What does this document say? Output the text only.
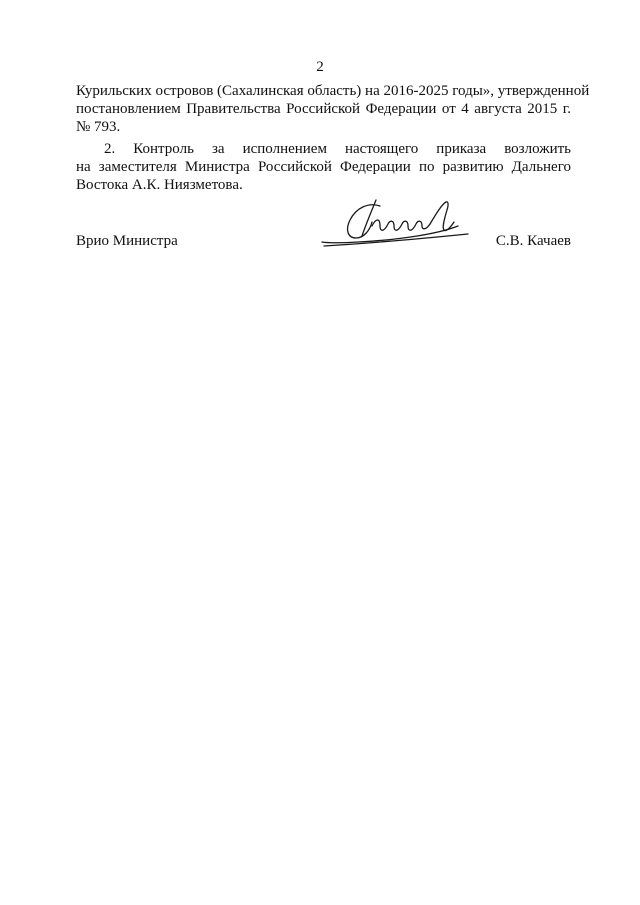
2
Курильских островов (Сахалинская область) на 2016-2025 годы», утвержденной
постановлением Правительства Российской Федерации от 4 августа 2015 г.
№ 793.
2. Контроль за исполнением настоящего приказа возложить
на заместителя Министра Российской Федерации по развитию Дальнего
Востока А.К. Ниязметова.
Врио Министра	С.В. Качаев
